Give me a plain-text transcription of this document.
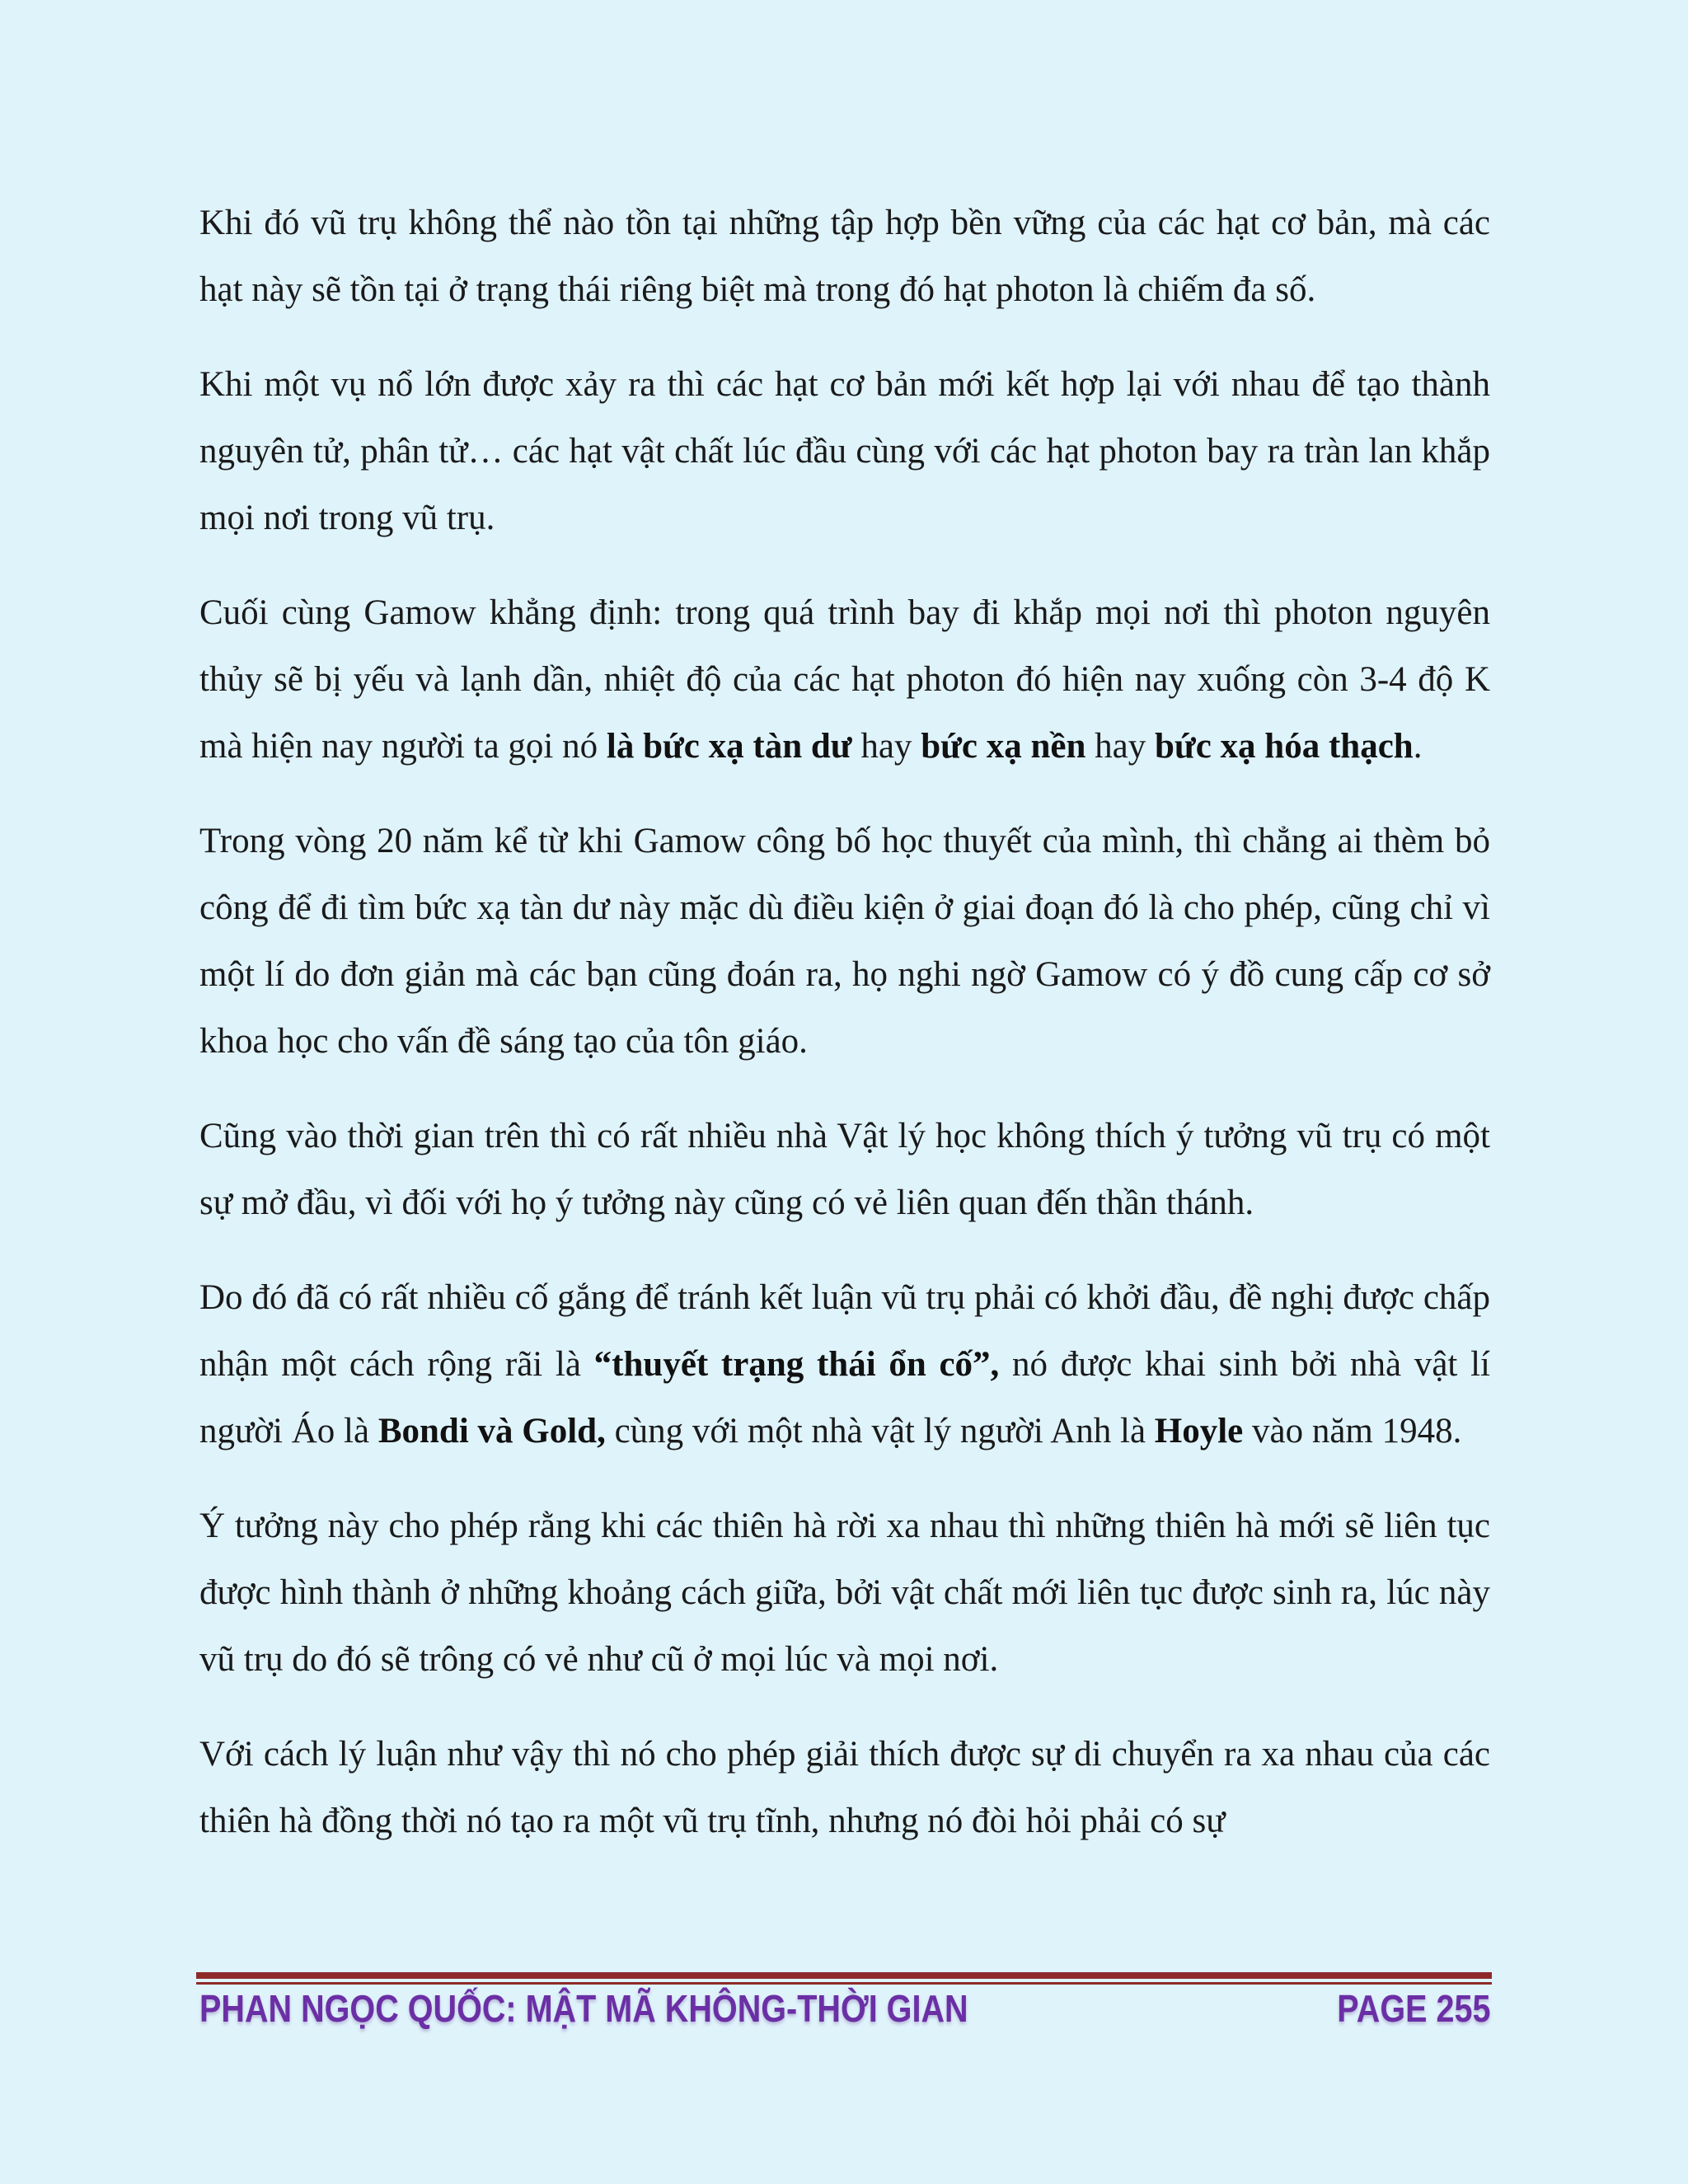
Khi đó vũ trụ không thể nào tồn tại những tập hợp bền vững của các hạt cơ bản, mà các hạt này sẽ tồn tại ở trạng thái riêng biệt mà trong đó hạt photon là chiếm đa số.

Khi một vụ nổ lớn được xảy ra thì các hạt cơ bản mới kết hợp lại với nhau để tạo thành nguyên tử, phân tử… các hạt vật chất lúc đầu cùng với các hạt photon bay ra tràn lan khắp mọi nơi trong vũ trụ.

Cuối cùng Gamow khẳng định: trong quá trình bay đi khắp mọi nơi thì photon nguyên thủy sẽ bị yếu và lạnh dần, nhiệt độ của các hạt photon đó hiện nay xuống còn 3-4 độ K mà hiện nay người ta gọi nó là bức xạ tàn dư hay bức xạ nền hay bức xạ hóa thạch.

Trong vòng 20 năm kể từ khi Gamow công bố học thuyết của mình, thì chẳng ai thèm bỏ công để đi tìm bức xạ tàn dư này mặc dù điều kiện ở giai đoạn đó là cho phép, cũng chỉ vì một lí do đơn giản mà các bạn cũng đoán ra, họ nghi ngờ Gamow có ý đồ cung cấp cơ sở khoa học cho vấn đề sáng tạo của tôn giáo.

Cũng vào thời gian trên thì có rất nhiều nhà Vật lý học không thích ý tưởng vũ trụ có một sự mở đầu, vì đối với họ ý tưởng này cũng có vẻ liên quan đến thần thánh.

Do đó đã có rất nhiều cố gắng để tránh kết luận vũ trụ phải có khởi đầu, đề nghị được chấp nhận một cách rộng rãi là “thuyết trạng thái ổn cố”, nó được khai sinh bởi nhà vật lí người Áo là Bondi và Gold, cùng với một nhà vật lý người Anh là Hoyle vào năm 1948.

Ý tưởng này cho phép rằng khi các thiên hà rời xa nhau thì những thiên hà mới sẽ liên tục được hình thành ở những khoảng cách giữa, bởi vật chất mới liên tục được sinh ra, lúc này vũ trụ do đó sẽ trông có vẻ như cũ ở mọi lúc và mọi nơi.

Với cách lý luận như vậy thì nó cho phép giải thích được sự di chuyển ra xa nhau của các thiên hà đồng thời nó tạo ra một vũ trụ tĩnh, nhưng nó đòi hỏi phải có sự

PHAN NGỌC QUỐC: MẬT MÃ KHÔNG-THỜI GIAN	PAGE 255
